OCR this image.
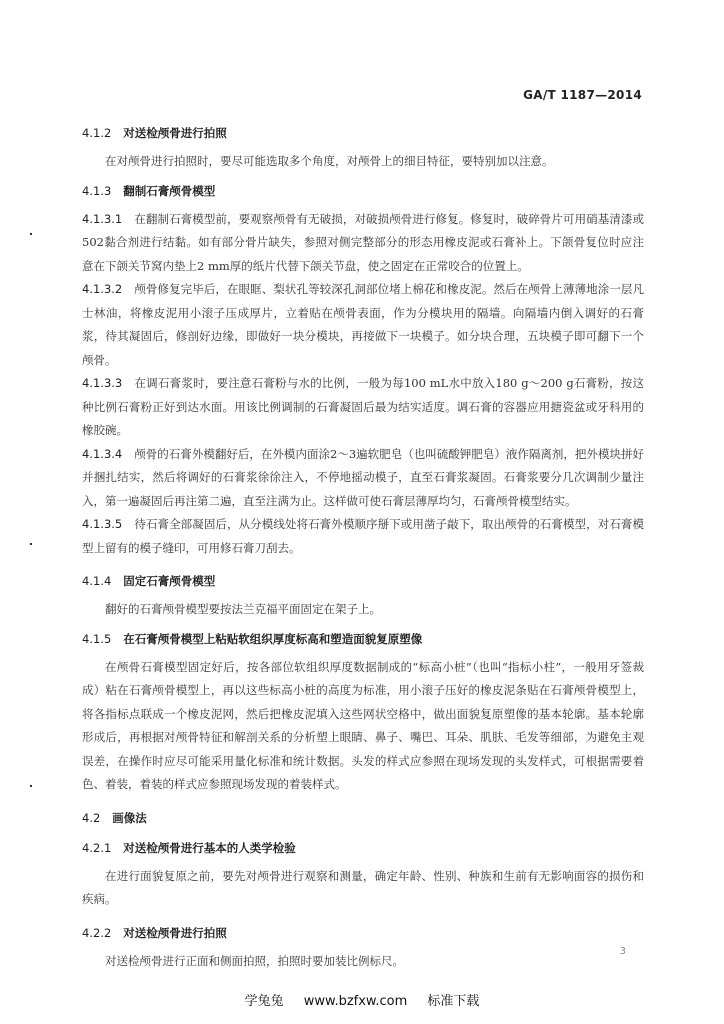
GA/T 1187—2014
4.1.2 对送检颅骨进行拍照

在对颅骨进行拍照时，要尽可能选取多个角度，对颅骨上的细目特征，要特别加以注意。

4.1.3 翻制石膏颅骨模型

4.1.3.1 在翻制石膏模型前，要观察颅骨有无破损，对破损颅骨进行修复。修复时，破碎骨片可用硝基清漆或502黏合剂进行结黏。如有部分骨片缺失，参照对侧完整部分的形态用橡皮泥或石膏补上。下颌骨复位时应注意在下颌关节窝内垫上2 mm厚的纸片代替下颌关节盘，使之固定在正常咬合的位置上。

4.1.3.2 颅骨修复完毕后，在眼眶、梨状孔等较深孔洞部位堵上棉花和橡皮泥。然后在颅骨上薄薄地涂一层凡士林油，将橡皮泥用小滚子压成厚片，立着贴在颅骨表面，作为分模块用的隔墙。向隔墙内倒入调好的石膏浆，待其凝固后，修剖好边缘，即做好一块分模块，再接做下一块模子。如分块合理，五块模子即可翻下一个颅骨。

4.1.3.3 在调石膏浆时，要注意石膏粉与水的比例，一般为每100 mL水中放入180 g～200 g石膏粉，按这种比例石膏粉正好到达水面。用该比例调制的石膏凝固后最为结实适度。调石膏的容器应用搪瓷盆或牙科用的橡胶碗。

4.1.3.4 颅骨的石膏外模翻好后，在外模内面涂2～3遍软肥皂（也叫硫酸钾肥皂）液作隔离剂，把外模块拼好并捆扎结实，然后将调好的石膏浆徐徐注入，不停地摇动模子，直至石膏浆凝固。石膏浆要分几次调制少量注入，第一遍凝固后再注第二遍，直至注满为止。这样做可使石膏层薄厚均匀，石膏颅骨模型结实。

4.1.3.5 待石膏全部凝固后，从分模线处将石膏外模顺序掰下或用凿子敲下，取出颅骨的石膏模型，对石膏模型上留有的模子缝印，可用修石膏刀刮去。

4.1.4 固定石膏颅骨模型

翻好的石膏颅骨模型要按法兰克福平面固定在架子上。

4.1.5 在石膏颅骨模型上粘贴软组织厚度标高和塑造面貌复原塑像

在颅骨石膏模型固定好后，按各部位软组织厚度数据制成的“标高小桩”（也叫“指标小柱”，一般用牙签裁成）粘在石膏颅骨模型上，再以这些标高小桩的高度为标准，用小滚子压好的橡皮泥条贴在石膏颅骨模型上，将各指标点联成一个橡皮泥网，然后把橡皮泥填入这些网状空格中，做出面貌复原塑像的基本轮廓。基本轮廓形成后，再根据对颅骨特征和解剖关系的分析塑上眼睛、鼻子、嘴巴、耳朵、肌肤、毛发等细部，为避免主观误差，在操作时应尽可能采用量化标准和统计数据。头发的样式应参照在现场发现的头发样式，可根据需要着色、着装，着装的样式应参照现场发现的着装样式。

4.2 画像法
4.2.1 对送检颅骨进行基本的人类学检验

在进行面貌复原之前，要先对颅骨进行观察和测量，确定年龄、性别、种族和生前有无影响面容的损伤和疾病。

4.2.2 对送检颅骨进行拍照

对送检颅骨进行正面和侧面拍照，拍照时要加装比例标尺。

3
学兔兔 www.bzfxw.com 标准下载
